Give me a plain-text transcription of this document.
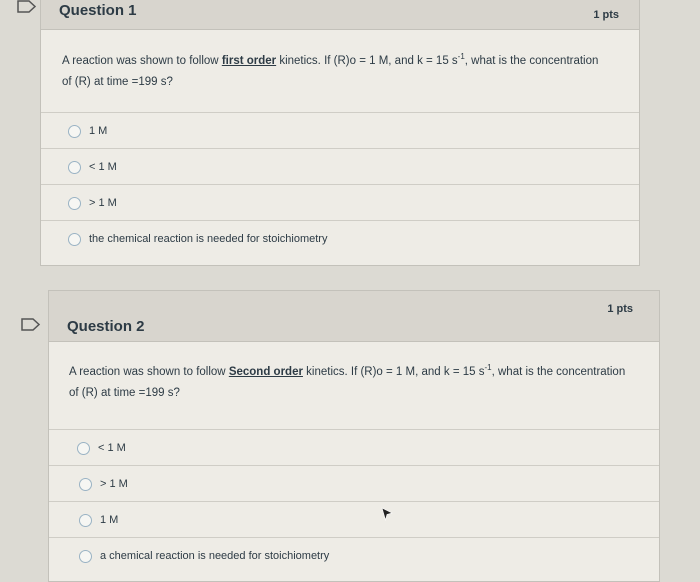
Question 1	1 pts
A reaction was shown to follow first order kinetics. If (R)o = 1 M, and k = 15 $s^{-1}$, what is the concentration of (R) at time =199 s?
1 M
< 1 M
> 1 M
the chemical reaction is needed for stoichiometry
Question 2
1 pts
A reaction was shown to follow Second order kinetics. If (R)o = 1 M, and k = 15 $s^{-1}$, what is the concentration of (R) at time =199 s?
< 1 M
> 1 M
1 M
a chemical reaction is needed for stoichiometry
